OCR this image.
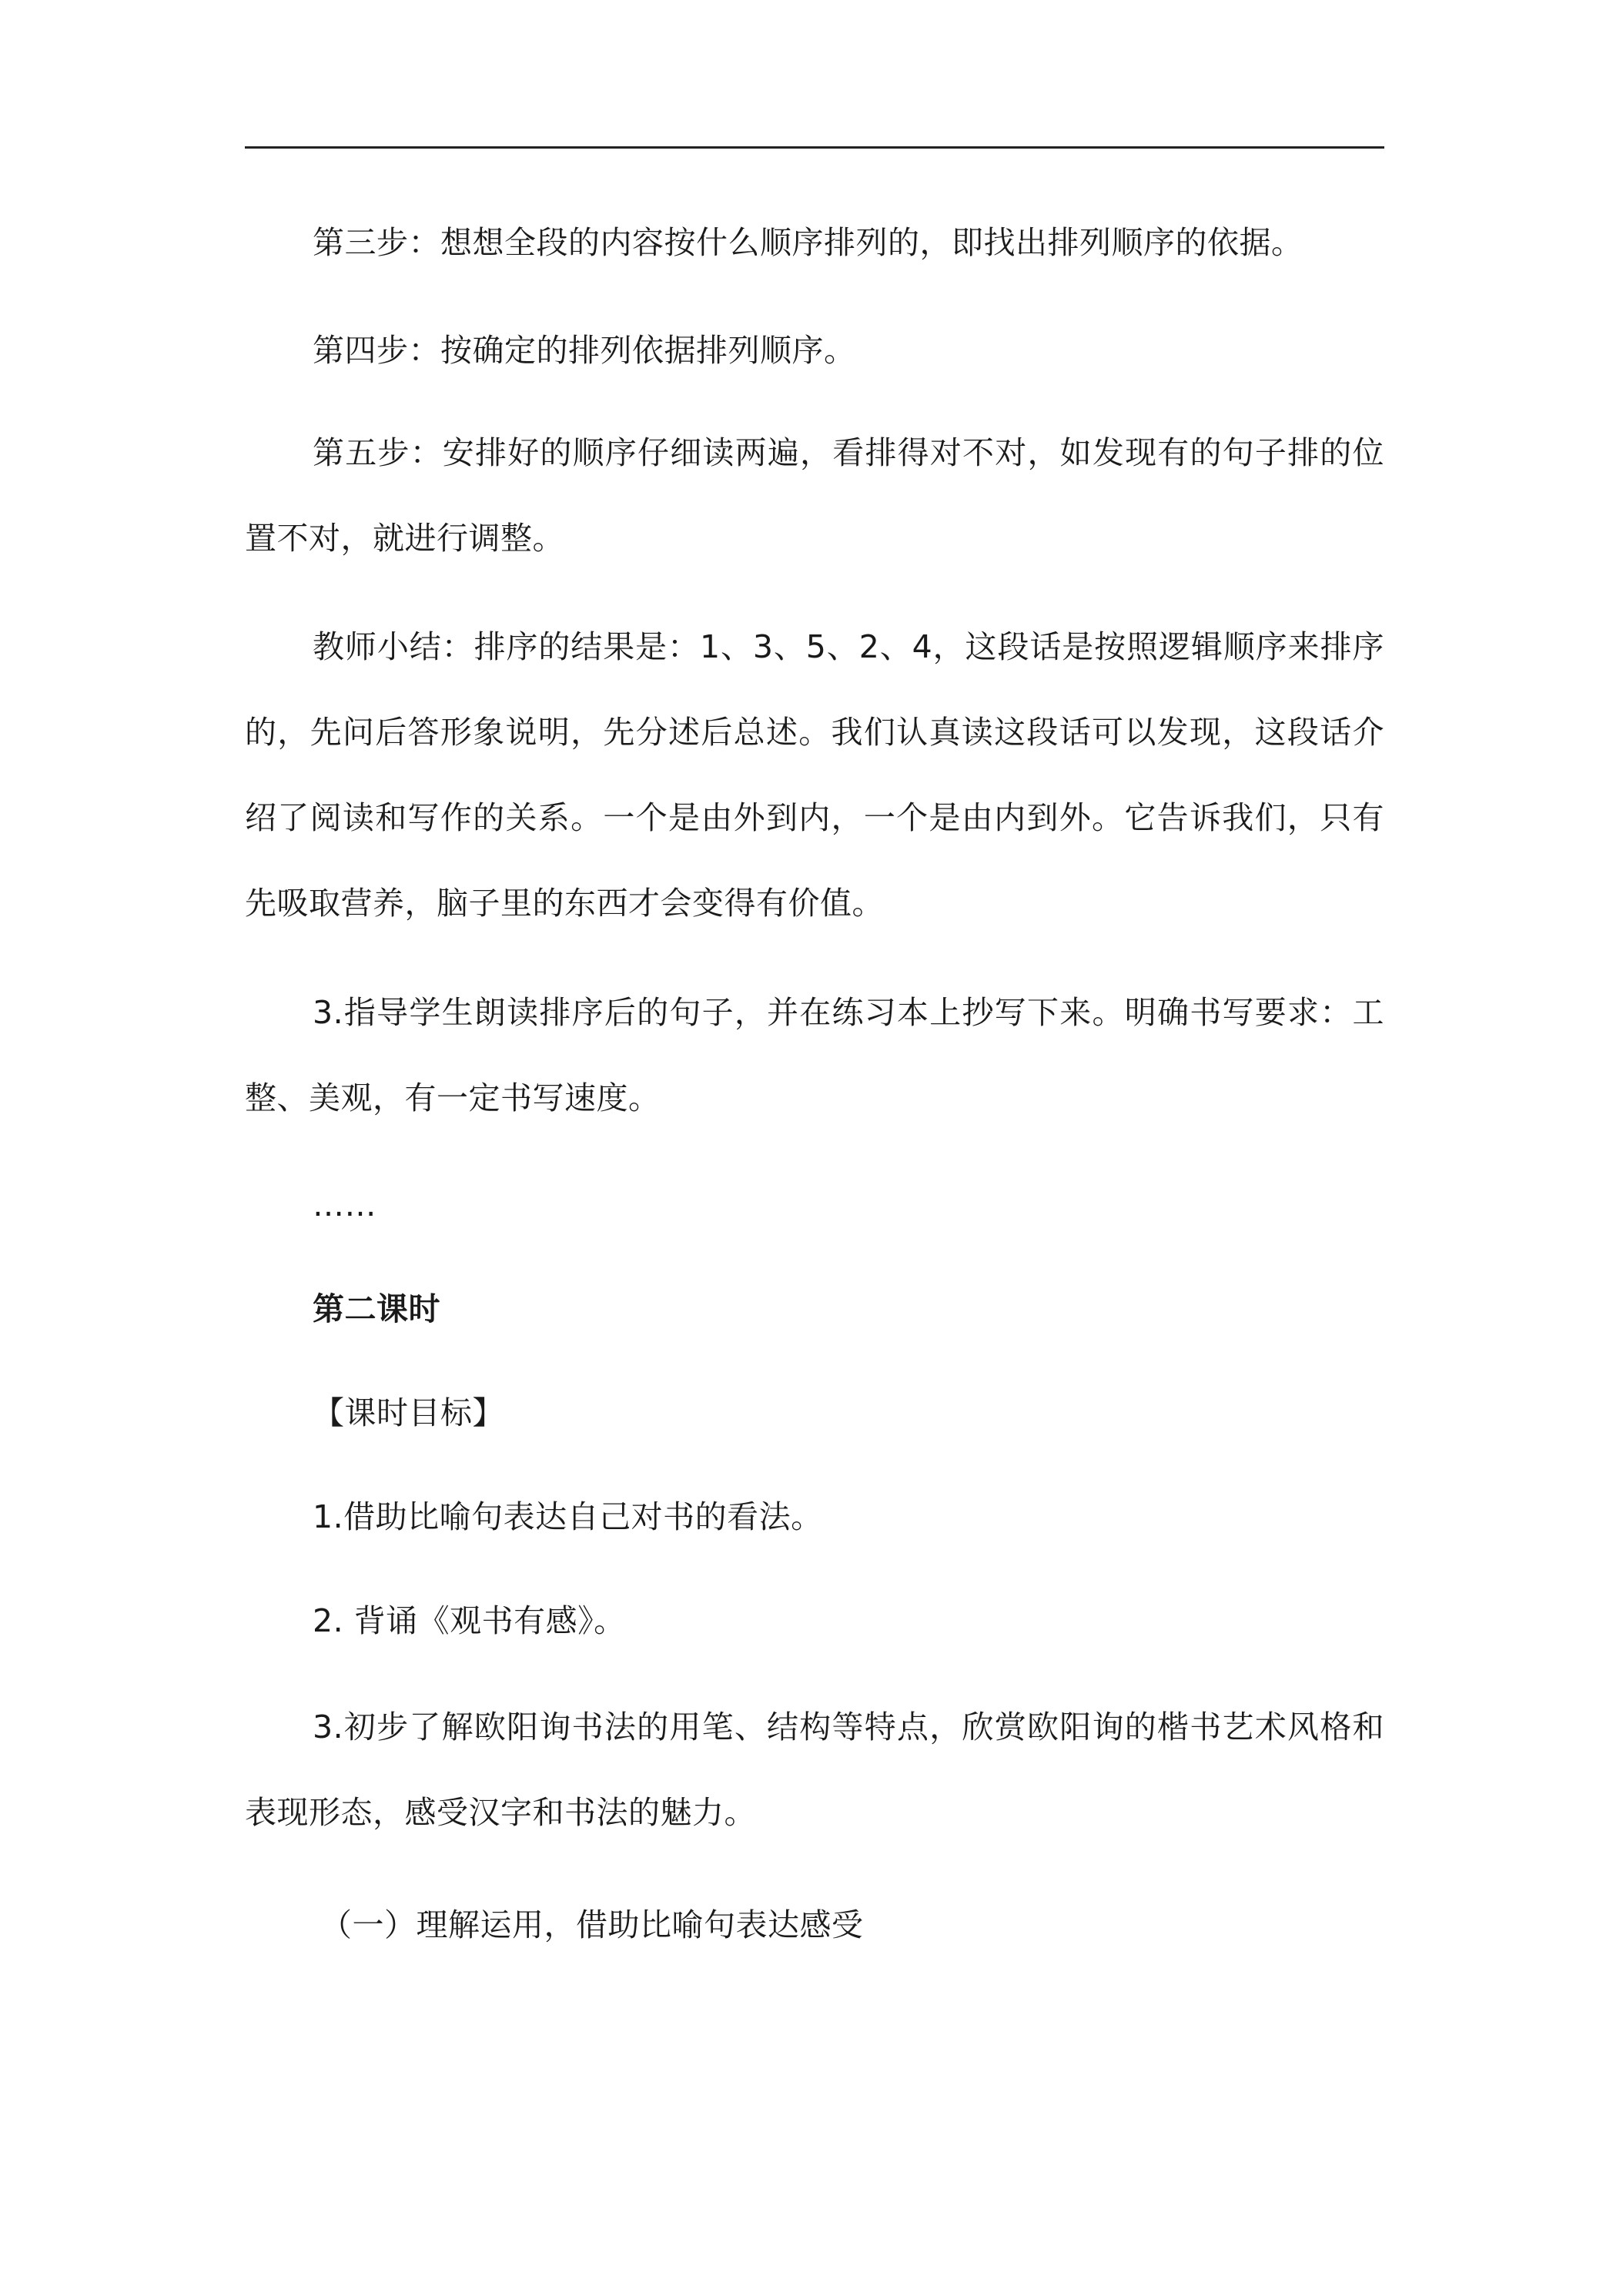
第三步：想想全段的内容按什么顺序排列的，即找出排列顺序的依据。

第四步：按确定的排列依据排列顺序。

第五步：安排好的顺序仔细读两遍，看排得对不对，如发现有的句子排的位置不对，就进行调整。

教师小结：排序的结果是：1、3、5、2、4，这段话是按照逻辑顺序来排序的，先问后答形象说明，先分述后总述。我们认真读这段话可以发现，这段话介绍了阅读和写作的关系。一个是由外到内，一个是由内到外。它告诉我们，只有先吸取营养，脑子里的东西才会变得有价值。

3.指导学生朗读排序后的句子，并在练习本上抄写下来。明确书写要求：工整、美观，有一定书写速度。

……

第二课时

【课时目标】

1.借助比喻句表达自己对书的看法。

2. 背诵《观书有感》。

3.初步了解欧阳询书法的用笔、结构等特点，欣赏欧阳询的楷书艺术风格和表现形态，感受汉字和书法的魅力。

（一）理解运用，借助比喻句表达感受
